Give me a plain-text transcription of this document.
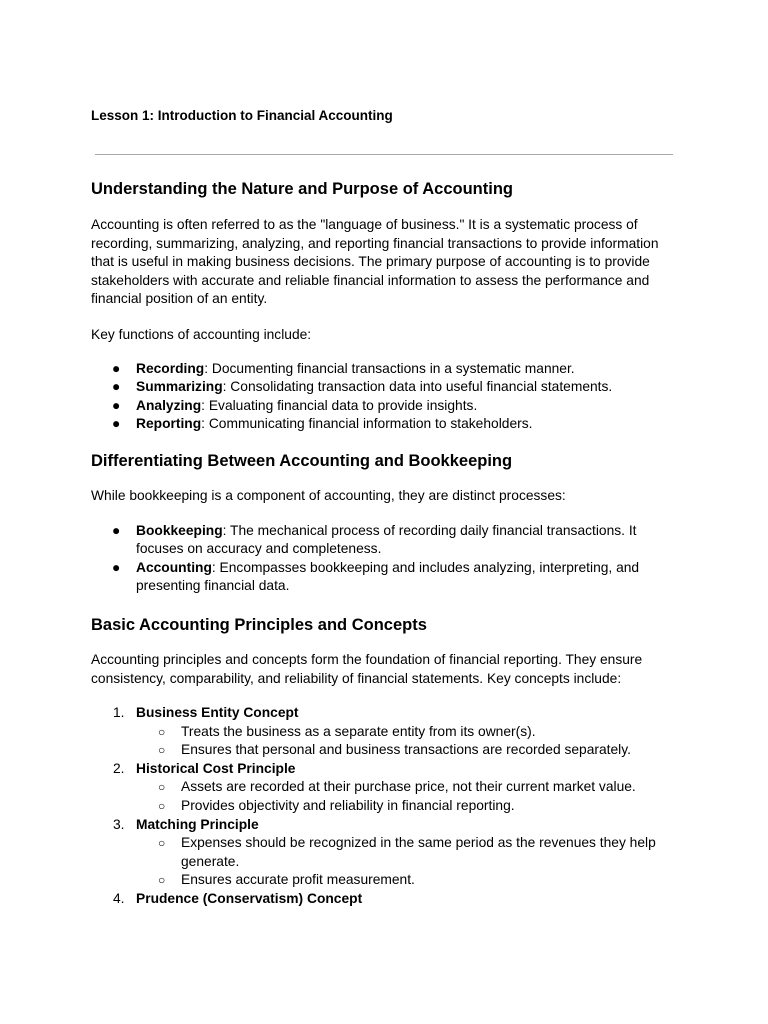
Lesson 1: Introduction to Financial Accounting

Understanding the Nature and Purpose of Accounting

Accounting is often referred to as the "language of business." It is a systematic process of recording, summarizing, analyzing, and reporting financial transactions to provide information that is useful in making business decisions. The primary purpose of accounting is to provide stakeholders with accurate and reliable financial information to assess the performance and financial position of an entity.

Key functions of accounting include:

● Recording: Documenting financial transactions in a systematic manner.
● Summarizing: Consolidating transaction data into useful financial statements.
● Analyzing: Evaluating financial data to provide insights.
● Reporting: Communicating financial information to stakeholders.
Differentiating Between Accounting and Bookkeeping

While bookkeeping is a component of accounting, they are distinct processes:

● Bookkeeping: The mechanical process of recording daily financial transactions. It focuses on accuracy and completeness.
● Accounting: Encompasses bookkeeping and includes analyzing, interpreting, and presenting financial data.
Basic Accounting Principles and Concepts

Accounting principles and concepts form the foundation of financial reporting. They ensure consistency, comparability, and reliability of financial statements. Key concepts include:

1. Business Entity Concept
○ Treats the business as a separate entity from its owner(s).
○ Ensures that personal and business transactions are recorded separately.
2. Historical Cost Principle
○ Assets are recorded at their purchase price, not their current market value.
○ Provides objectivity and reliability in financial reporting.
3. Matching Principle
○ Expenses should be recognized in the same period as the revenues they help generate.
○ Ensures accurate profit measurement.
4. Prudence (Conservatism) Concept
